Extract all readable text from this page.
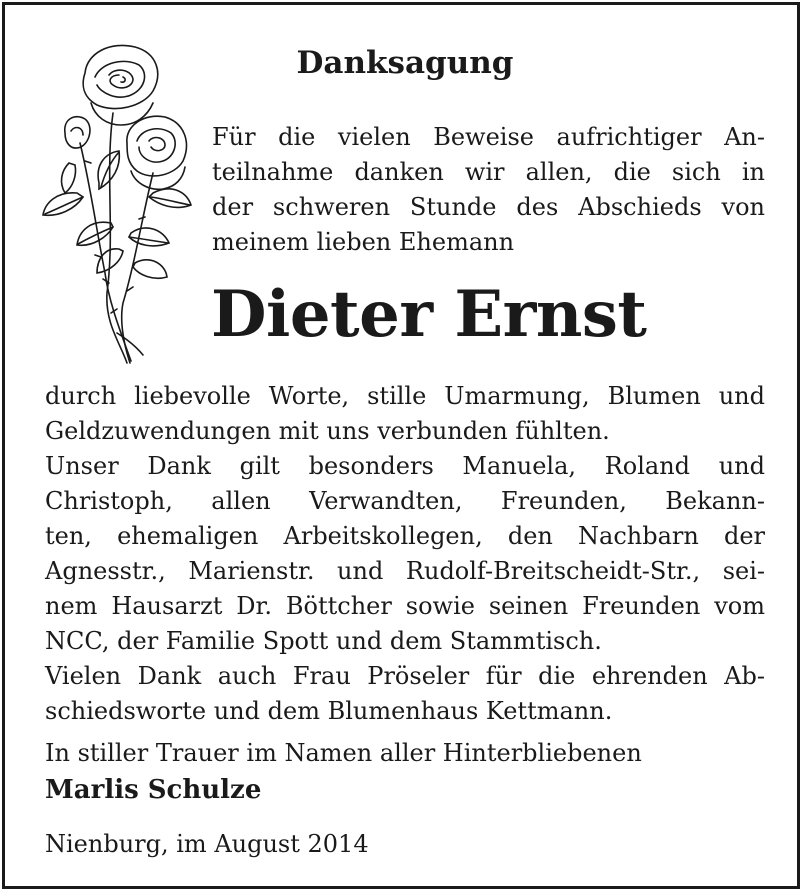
Danksagung
Für die vielen Beweise aufrichtiger An-
teilnahme danken wir allen, die sich in
der schweren Stunde des Abschieds von
meinem lieben Ehemann
Dieter Ernst
durch liebevolle Worte, stille Umarmung, Blumen und
Geldzuwendungen mit uns verbunden fühlten.
Unser Dank gilt besonders Manuela, Roland und
Christoph, allen Verwandten, Freunden, Bekann-
ten, ehemaligen Arbeitskollegen, den Nachbarn der
Agnesstr., Marienstr. und Rudolf-Breitscheidt-Str., sei-
nem Hausarzt Dr. Böttcher sowie seinen Freunden vom
NCC, der Familie Spott und dem Stammtisch.
Vielen Dank auch Frau Pröseler für die ehrenden Ab-
schiedsworte und dem Blumenhaus Kettmann.
In stiller Trauer im Namen aller Hinterbliebenen
Marlis Schulze
Nienburg, im August 2014
